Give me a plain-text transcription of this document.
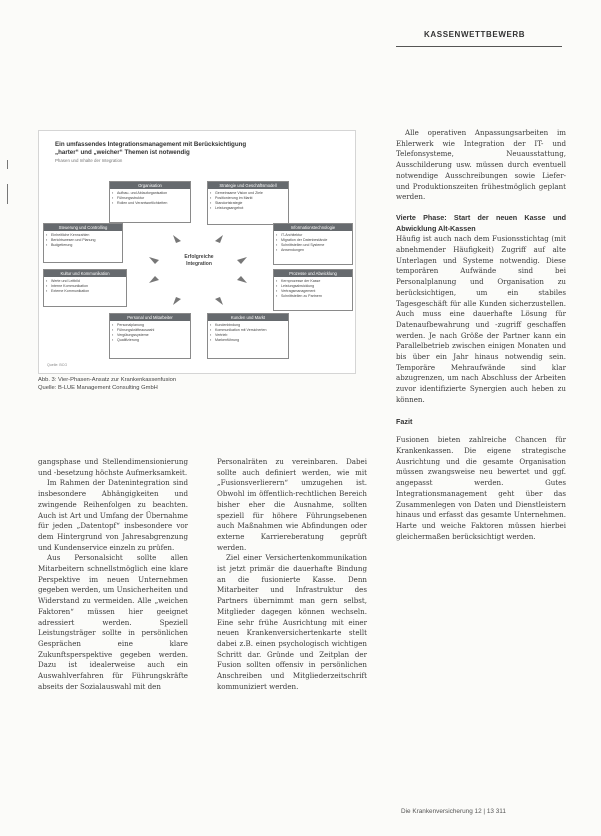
KASSENWETTBEWERB
Ein umfassendes Integrationsmanagement mit Berücksichtigung
„harter“ und „weicher“ Themen ist notwendig
Phasen und Inhalte der Integration
Organisation
▪ Aufbau- und Ablauforganisation
▪ Führungsstruktur
▪ Rollen und Verantwortlichkeiten
Strategie und Geschäftsmodell
▪ Gemeinsame Vision und Ziele
▪ Positionierung im Markt
▪ Standortstrategie
▪ Leistungsangebot
Steuerung und Controlling
▪ Einheitliche Kennzahlen
▪ Berichtswesen und Planung
▪ Budgetierung
Informationstechnologie
▪ IT-Architektur
▪ Migration der Datenbestände
▪ Schnittstellen und Systeme
▪ Anwendungen
Erfolgreiche
Integration
Kultur und Kommunikation
▪ Werte und Leitbild
▪ Interne Kommunikation
▪ Externe Kommunikation
Prozesse und Abwicklung
▪ Kernprozesse der Kasse
▪ Leistungsabwicklung
▪ Vertragsmanagement
▪ Schnittstellen zu Partnern
Personal und Mitarbeiter
▪ Personalplanung
▪ Führungskräfteauswahl
▪ Vergütungssysteme
▪ Qualifizierung
Kunden und Markt
▪ Kundenbindung
▪ Kommunikation mit Versicherten
▪ Vertrieb
▪ Markenführung
Quelle: BCG
Abb. 3: Vier-Phasen-Ansatz zur Krankenkassenfusion
Quelle: B-LUE Management Consulting GmbH

Alle operativen Anpassungsarbeiten im Ehlerwerk wie Integration der IT- und Telefonsysteme, Neuausstattung, Ausschilderung usw. müssen durch eventuell notwendige Ausschreibungen sowie Liefer- und Produktionszeiten frühestmöglich geplant werden.

Vierte Phase: Start der neuen Kasse und Abwicklung Alt-Kassen

Häufig ist auch nach dem Fusionsstichtag (mit abnehmender Häufigkeit) Zugriff auf alte Unterlagen und Systeme notwendig. Diese temporären Aufwände sind bei Personalplanung und Organisation zu berücksichtigen, um ein stabiles Tagesgeschäft für alle Kunden sicherzustellen. Auch muss eine dauerhafte Lösung für Datenaufbewahrung und -zugriff geschaffen werden. Je nach Größe der Partner kann ein Parallelbetrieb zwischen einigen Monaten und bis über ein Jahr hinaus notwendig sein. Temporäre Mehraufwände sind klar abzugrenzen, um nach Abschluss der Arbeiten zuvor identifizierte Synergien auch heben zu können.

Fazit

Fusionen bieten zahlreiche Chancen für Krankenkassen. Die eigene strategische Ausrichtung und die gesamte Organisation müssen zwangsweise neu bewertet und ggf. angepasst werden. Gutes Integrationsmanagement geht über das Zusammenlegen von Daten und Dienstleistern hinaus und erfasst das gesamte Unternehmen. Harte und weiche Faktoren müssen hierbei gleichermaßen berücksichtigt werden.

gangsphase und Stellendimensionierung und -besetzung höchste Aufmerksamkeit.

Im Rahmen der Datenintegration sind insbesondere Abhängigkeiten und zwingende Reihenfolgen zu beachten. Auch ist Art und Umfang der Übernahme für jeden „Datentopf“ insbesondere vor dem Hintergrund von Jahresabgrenzung und Kundenservice einzeln zu prüfen.

Aus Personalsicht sollte allen Mitarbeitern schnellstmöglich eine klare Perspektive im neuen Unternehmen gegeben werden, um Unsicherheiten und Widerstand zu vermeiden. Alle „weichen Faktoren“ müssen hier geeignet adressiert werden. Speziell Leistungsträger sollte in persönlichen Gesprächen eine klare Zukunftsperspektive gegeben werden. Dazu ist idealerweise auch ein Auswahlverfahren für Führungskräfte abseits der Sozialauswahl mit den

Personalräten zu vereinbaren. Dabei sollte auch definiert werden, wie mit „Fusionsverlierern“ umzugehen ist. Obwohl im öffentlich-rechtlichen Bereich bisher eher die Ausnahme, sollten speziell für höhere Führungsebenen auch Maßnahmen wie Abfindungen oder externe Karriereberatung geprüft werden.

Ziel einer Versichertenkommunikation ist jetzt primär die dauerhafte Bindung an die fusionierte Kasse. Denn Mitarbeiter und Infrastruktur des Partners übernimmt man gern selbst, Mitglieder dagegen können wechseln. Eine sehr frühe Ausrichtung mit einer neuen Krankenversichertenkarte stellt dabei z.B. einen psychologisch wichtigen Schritt dar. Gründe und Zeitplan der Fusion sollten offensiv in persönlichen Anschreiben und Mitgliederzeitschrift kommuniziert werden.

Die Krankenversicherung 12 | 13 311
